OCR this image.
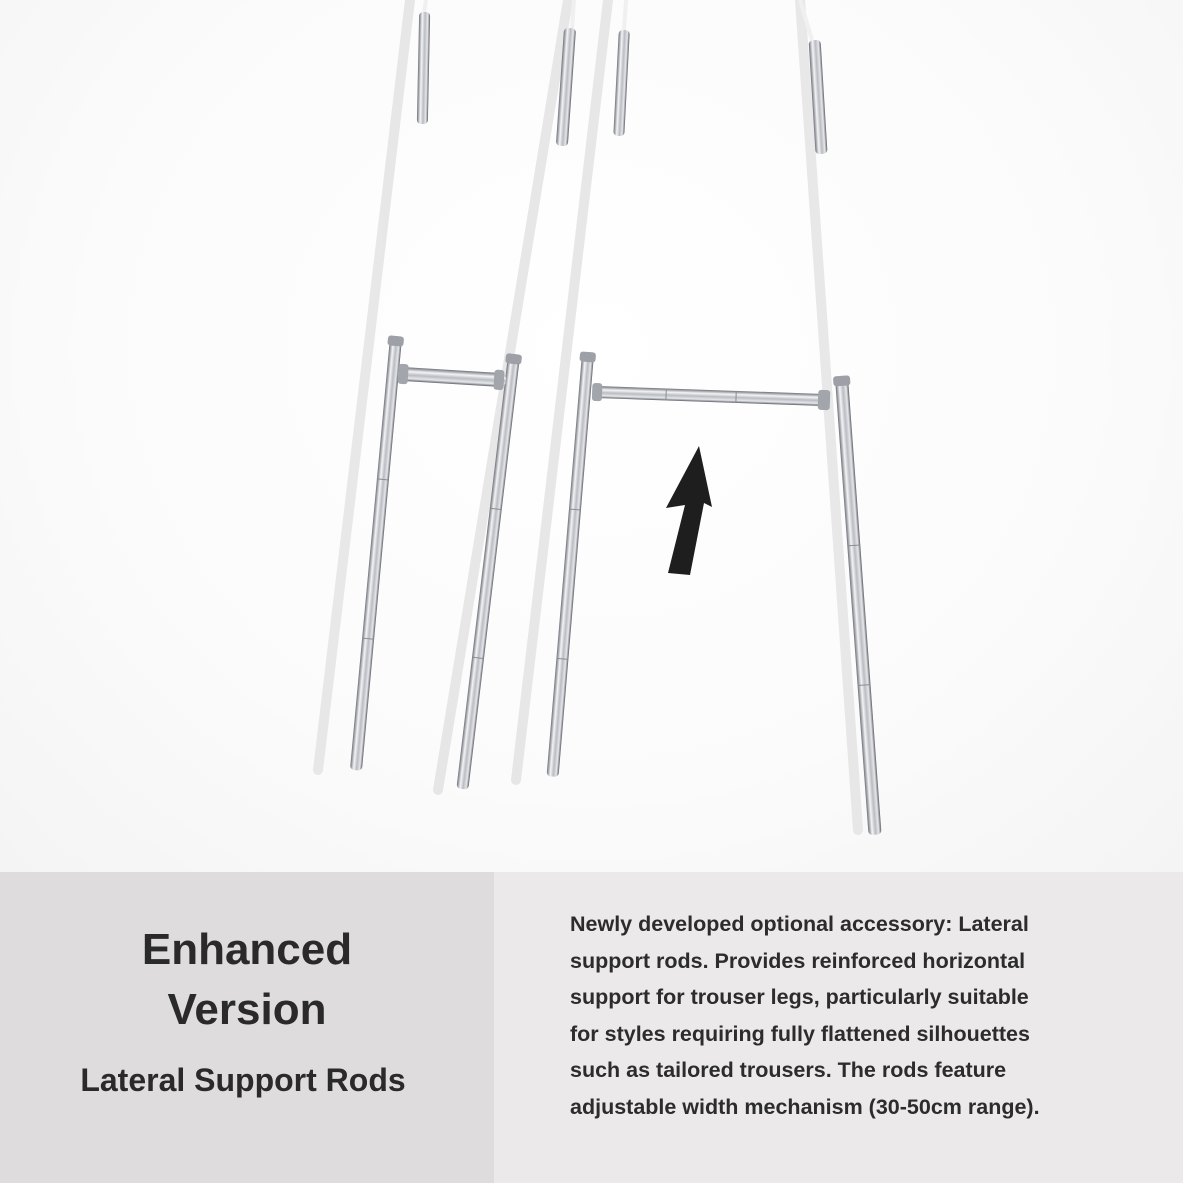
Enhanced
Version
Lateral Support Rods

Newly developed optional accessory: Lateral
support rods. Provides reinforced horizontal
support for trouser legs, particularly suitable
for styles requiring fully flattened silhouettes
such as tailored trousers. The rods feature
adjustable width mechanism (30-50cm range).
